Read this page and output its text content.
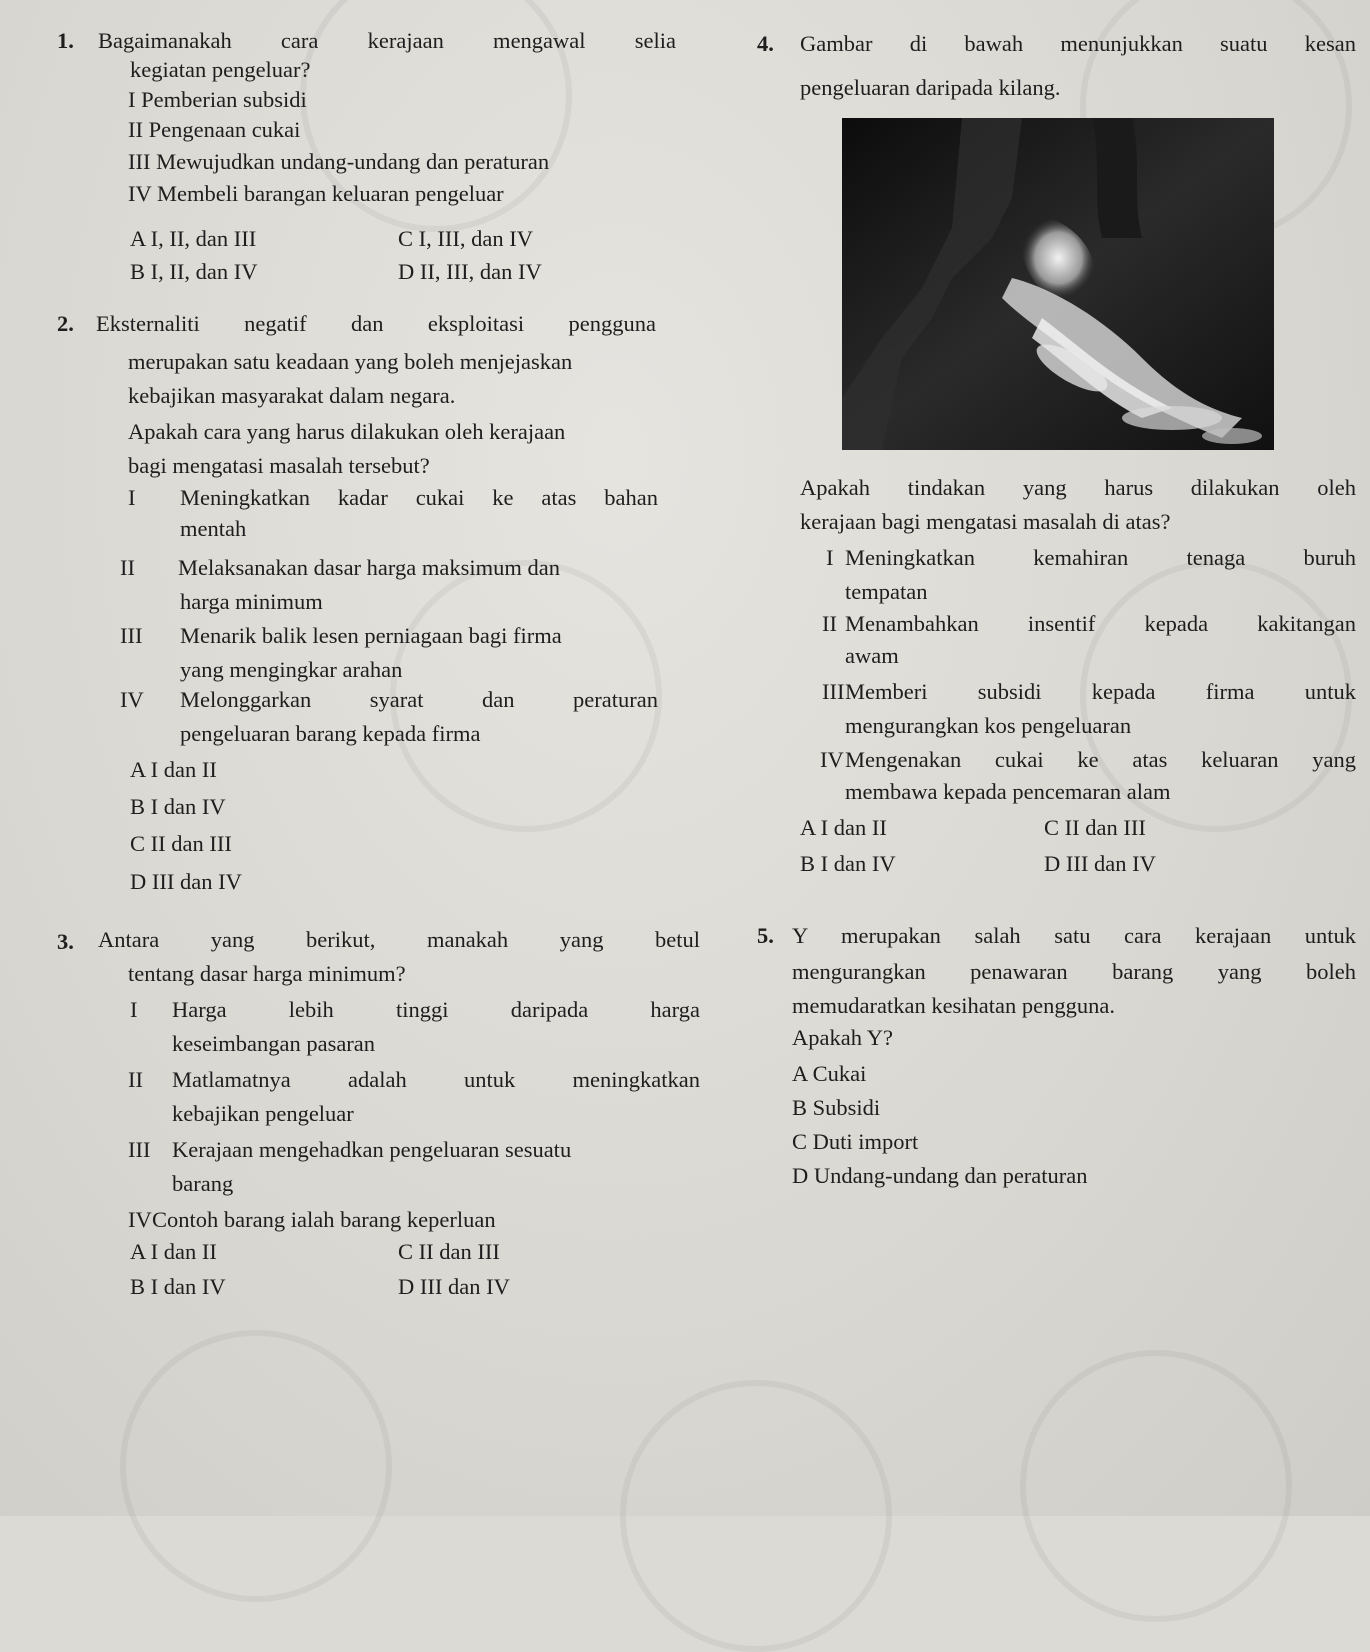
1. Bagaimanakah cara kerajaan mengawal selia
kegiatan pengeluar?
I Pemberian subsidi
II Pengenaan cukai
III Mewujudkan undang-undang dan peraturan
IV Membeli barangan keluaran pengeluar
A I, II, dan III	C I, III, dan IV
B I, II, dan IV	D II, III, dan IV
2. Eksternaliti negatif dan eksploitasi pengguna
merupakan satu keadaan yang boleh menjejaskan
kebajikan masyarakat dalam negara.
Apakah cara yang harus dilakukan oleh kerajaan
bagi mengatasi masalah tersebut?
I Meningkatkan kadar cukai ke atas bahan
mentah
II Melaksanakan dasar harga maksimum dan
harga minimum
III Menarik balik lesen perniagaan bagi firma
yang mengingkar arahan
IV Melonggarkan syarat dan peraturan
pengeluaran barang kepada firma
A I dan II
B I dan IV
C II dan III
D III dan IV
3. Antara yang berikut, manakah yang betul
tentang dasar harga minimum?
I Harga lebih tinggi daripada harga
keseimbangan pasaran
II Matlamatnya adalah untuk meningkatkan
kebajikan pengeluar
III Kerajaan mengehadkan pengeluaran sesuatu
barang
IV Contoh barang ialah barang keperluan
A I dan II	C II dan III
B I dan IV	D III dan IV
4. Gambar di bawah menunjukkan suatu kesan
pengeluaran daripada kilang.
Apakah tindakan yang harus dilakukan oleh
kerajaan bagi mengatasi masalah di atas?
I Meningkatkan kemahiran tenaga buruh
tempatan
II Menambahkan insentif kepada kakitangan
awam
III Memberi subsidi kepada firma untuk
mengurangkan kos pengeluaran
IV Mengenakan cukai ke atas keluaran yang
membawa kepada pencemaran alam
A I dan II	C II dan III
B I dan IV	D III dan IV
5. Y merupakan salah satu cara kerajaan untuk
mengurangkan penawaran barang yang boleh
memudaratkan kesihatan pengguna.
Apakah Y?
A Cukai
B Subsidi
C Duti import
D Undang-undang dan peraturan
